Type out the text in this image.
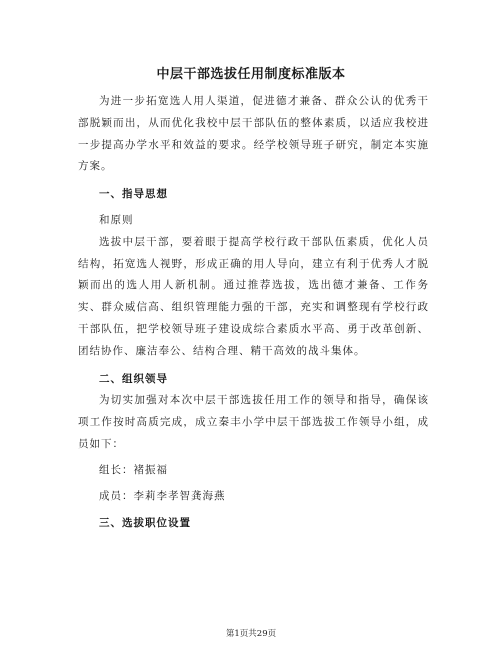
中层干部选拔任用制度标准版本

为进一步拓宽选人用人渠道，促进德才兼备、群众公认的优秀干部脱颖而出，从而优化我校中层干部队伍的整体素质，以适应我校进一步提高办学水平和效益的要求。经学校领导班子研究，制定本实施方案。

一、指导思想

和原则

选拔中层干部，要着眼于提高学校行政干部队伍素质，优化人员结构，拓宽选人视野，形成正确的用人导向，建立有利于优秀人才脱颖而出的选人用人新机制。通过推荐选拔，选出德才兼备、工作务实、群众威信高、组织管理能力强的干部，充实和调整现有学校行政干部队伍，把学校领导班子建设成综合素质水平高、勇于改革创新、团结协作、廉洁奉公、结构合理、精干高效的战斗集体。

二、组织领导

为切实加强对本次中层干部选拔任用工作的领导和指导，确保该项工作按时高质完成，成立秦丰小学中层干部选拔工作领导小组，成员如下：

组长：褚振福

成员：李莉李孝智龚海燕

三、选拔职位设置
第1页共29页
